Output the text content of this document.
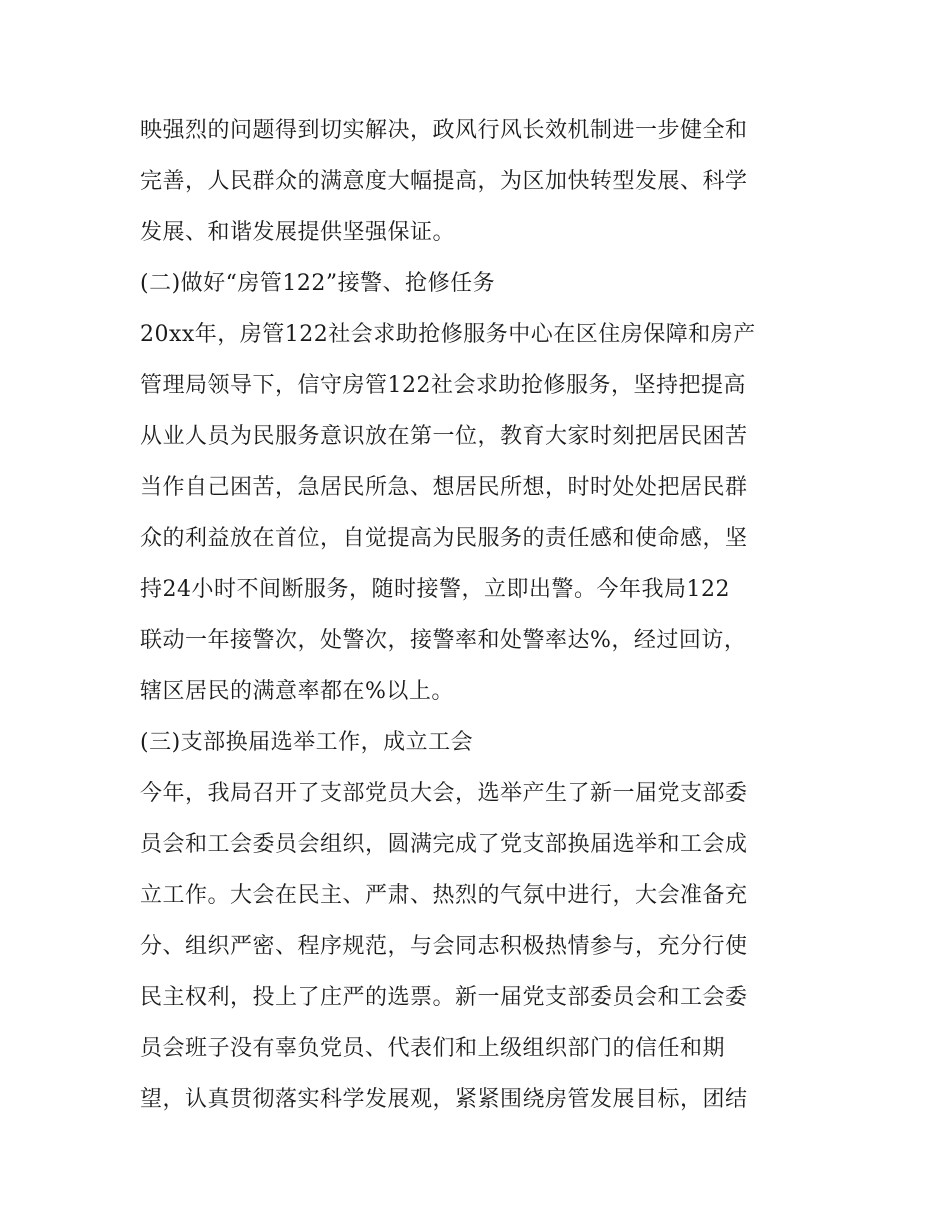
映强烈的问题得到切实解决，政风行风长效机制进一步健全和
完善，人民群众的满意度大幅提高，为区加快转型发展、科学
发展、和谐发展提供坚强保证。
(二)做好“房管122”接警、抢修任务
20xx年，房管122社会求助抢修服务中心在区住房保障和房产
管理局领导下，信守房管122社会求助抢修服务，坚持把提高
从业人员为民服务意识放在第一位，教育大家时刻把居民困苦
当作自己困苦，急居民所急、想居民所想，时时处处把居民群
众的利益放在首位，自觉提高为民服务的责任感和使命感，坚
持24小时不间断服务，随时接警，立即出警。今年我局122
联动一年接警次，处警次，接警率和处警率达%，经过回访，
辖区居民的满意率都在%以上。
(三)支部换届选举工作，成立工会
今年，我局召开了支部党员大会，选举产生了新一届党支部委
员会和工会委员会组织，圆满完成了党支部换届选举和工会成
立工作。大会在民主、严肃、热烈的气氛中进行，大会准备充
分、组织严密、程序规范，与会同志积极热情参与，充分行使
民主权利，投上了庄严的选票。新一届党支部委员会和工会委
员会班子没有辜负党员、代表们和上级组织部门的信任和期
望，认真贯彻落实科学发展观，紧紧围绕房管发展目标，团结
